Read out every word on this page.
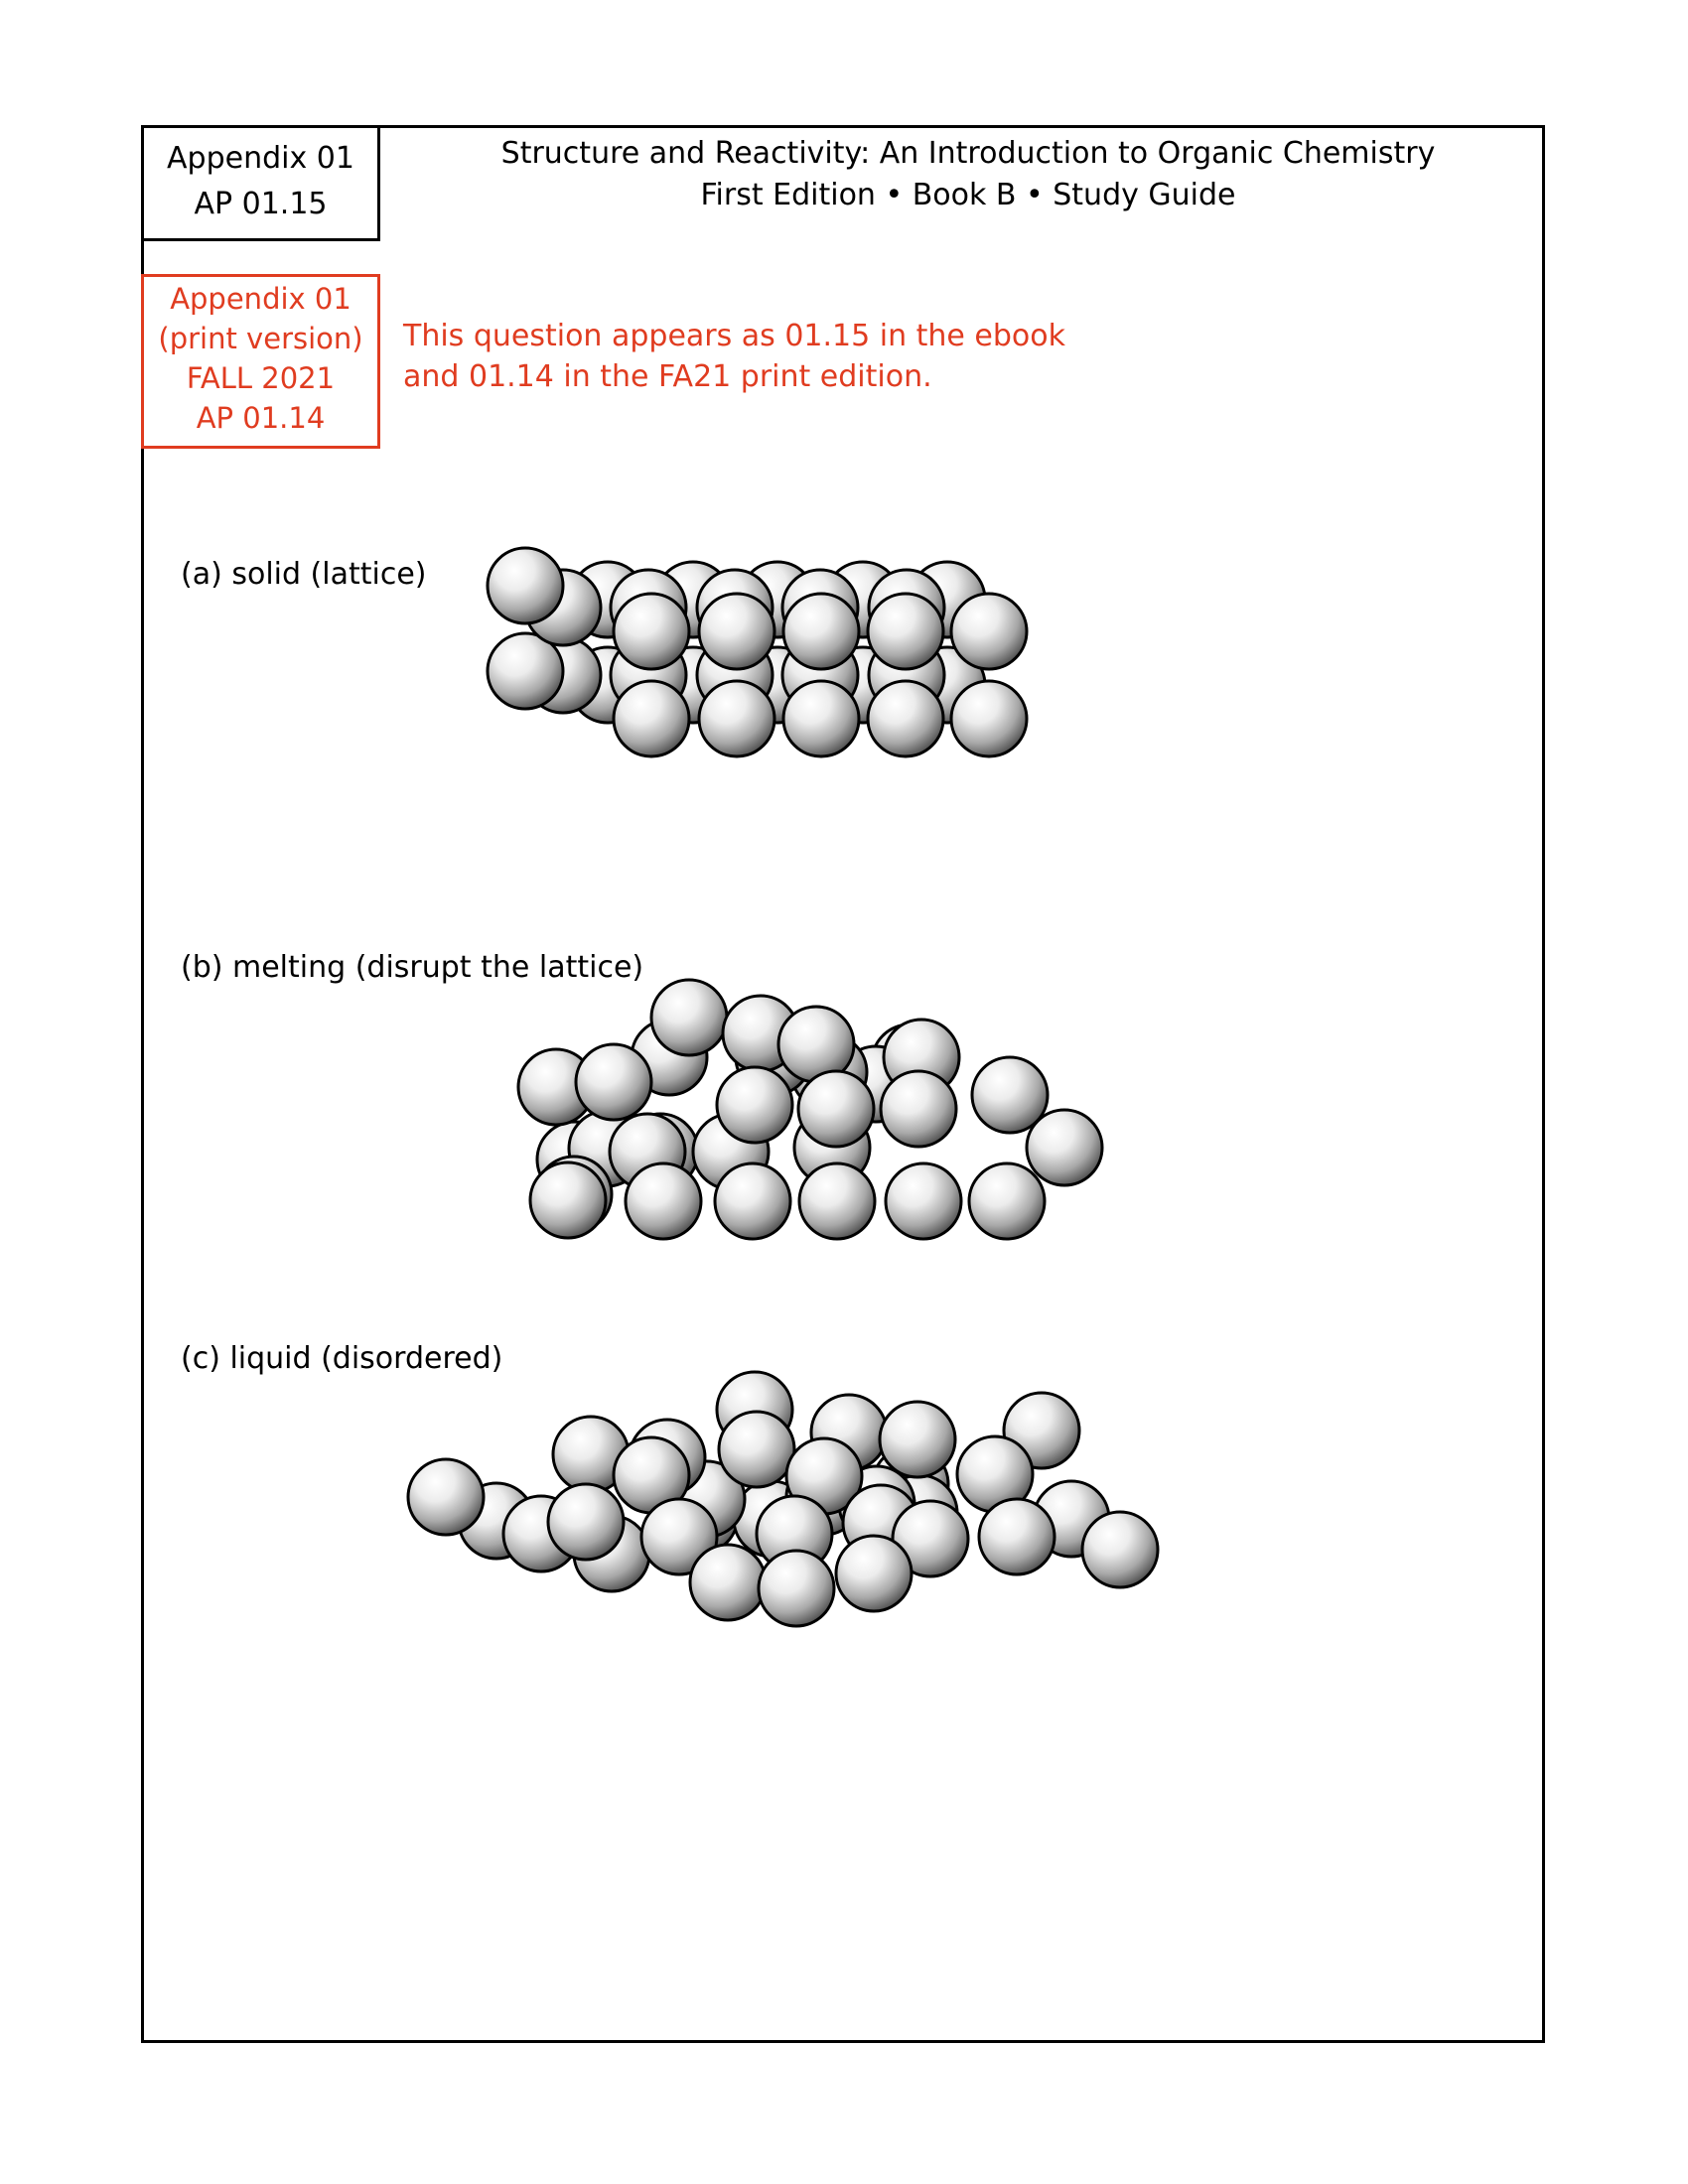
Appendix 01
AP 01.15
Structure and Reactivity: An Introduction to Organic Chemistry
First Edition • Book B • Study Guide
Appendix 01
(print version)
FALL 2021
AP 01.14
This question appears as 01.15 in the ebook
and 01.14 in the FA21 print edition.
(a) solid (lattice)
(b) melting (disrupt the lattice)
(c) liquid (disordered)
